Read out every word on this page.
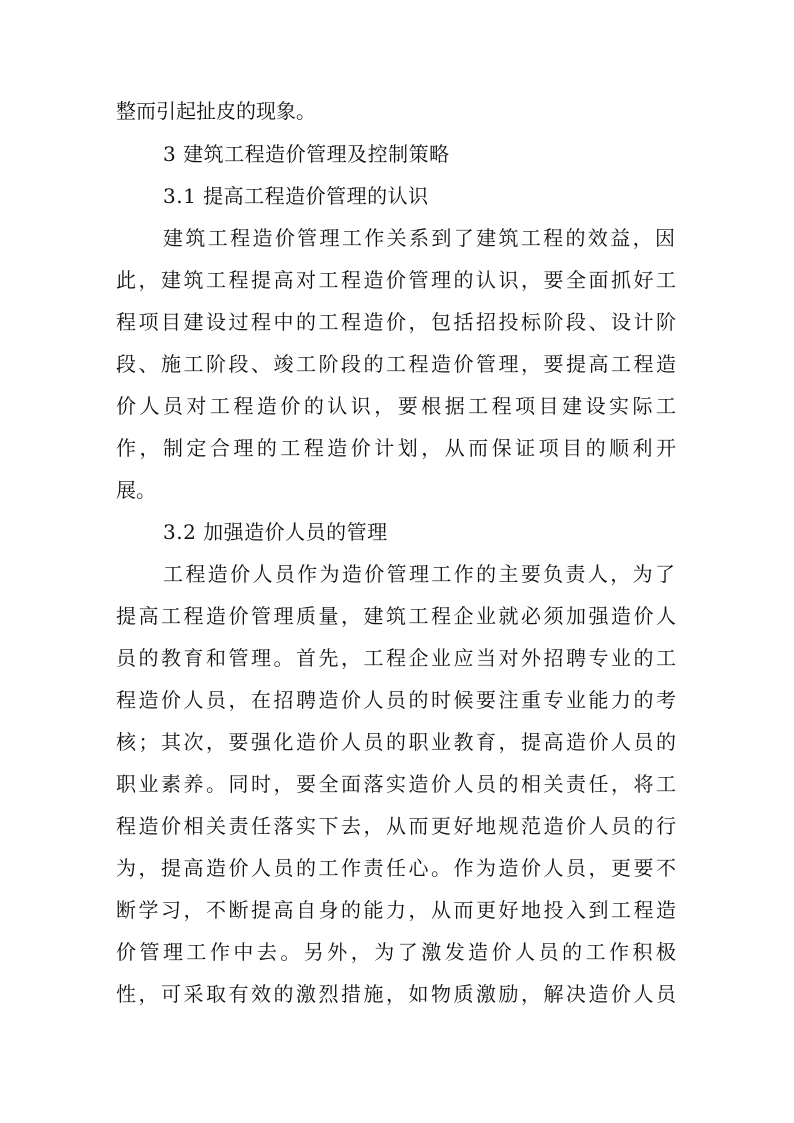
整而引起扯皮的现象。
3 建筑工程造价管理及控制策略
3.1 提高工程造价管理的认识
建筑工程造价管理工作关系到了建筑工程的效益，因
此，建筑工程提高对工程造价管理的认识，要全面抓好工
程项目建设过程中的工程造价，包括招投标阶段、设计阶
段、施工阶段、竣工阶段的工程造价管理，要提高工程造
价人员对工程造价的认识，要根据工程项目建设实际工
作，制定合理的工程造价计划，从而保证项目的顺利开
展。
3.2 加强造价人员的管理
工程造价人员作为造价管理工作的主要负责人，为了
提高工程造价管理质量，建筑工程企业就必须加强造价人
员的教育和管理。首先，工程企业应当对外招聘专业的工
程造价人员，在招聘造价人员的时候要注重专业能力的考
核；其次，要强化造价人员的职业教育，提高造价人员的
职业素养。同时，要全面落实造价人员的相关责任，将工
程造价相关责任落实下去，从而更好地规范造价人员的行
为，提高造价人员的工作责任心。作为造价人员，更要不
断学习，不断提高自身的能力，从而更好地投入到工程造
价管理工作中去。另外，为了激发造价人员的工作积极
性，可采取有效的激烈措施，如物质激励，解决造价人员
